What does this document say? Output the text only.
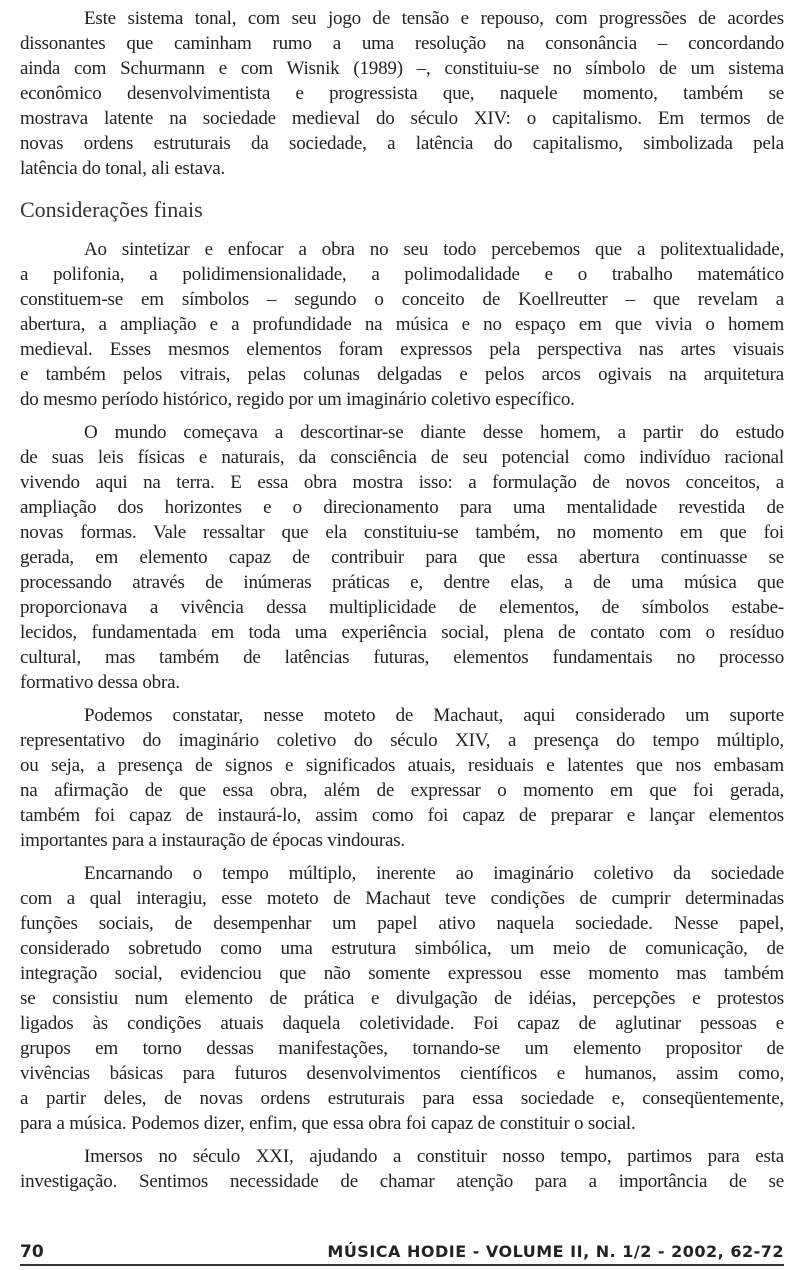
Este sistema tonal, com seu jogo de tensão e repouso, com progressões de acordes
dissonantes que caminham rumo a uma resolução na consonância – concordando
ainda com Schurmann e com Wisnik (1989) –, constituiu-se no símbolo de um sistema
econômico desenvolvimentista e progressista que, naquele momento, também se
mostrava latente na sociedade medieval do século XIV: o capitalismo. Em termos de
novas ordens estruturais da sociedade, a latência do capitalismo, simbolizada pela
latência do tonal, ali estava.
Considerações finais
Ao sintetizar e enfocar a obra no seu todo percebemos que a politextualidade,
a polifonia, a polidimensionalidade, a polimodalidade e o trabalho matemático
constituem-se em símbolos – segundo o conceito de Koellreutter – que revelam a
abertura, a ampliação e a profundidade na música e no espaço em que vivia o homem
medieval. Esses mesmos elementos foram expressos pela perspectiva nas artes visuais
e também pelos vitrais, pelas colunas delgadas e pelos arcos ogivais na arquitetura
do mesmo período histórico, regido por um imaginário coletivo específico.
O mundo começava a descortinar-se diante desse homem, a partir do estudo
de suas leis físicas e naturais, da consciência de seu potencial como indivíduo racional
vivendo aqui na terra. E essa obra mostra isso: a formulação de novos conceitos, a
ampliação dos horizontes e o direcionamento para uma mentalidade revestida de
novas formas. Vale ressaltar que ela constituiu-se também, no momento em que foi
gerada, em elemento capaz de contribuir para que essa abertura continuasse se
processando através de inúmeras práticas e, dentre elas, a de uma música que
proporcionava a vivência dessa multiplicidade de elementos, de símbolos estabe-
lecidos, fundamentada em toda uma experiência social, plena de contato com o resíduo
cultural, mas também de latências futuras, elementos fundamentais no processo
formativo dessa obra.
Podemos constatar, nesse moteto de Machaut, aqui considerado um suporte
representativo do imaginário coletivo do século XIV, a presença do tempo múltiplo,
ou seja, a presença de signos e significados atuais, residuais e latentes que nos embasam
na afirmação de que essa obra, além de expressar o momento em que foi gerada,
também foi capaz de instaurá-lo, assim como foi capaz de preparar e lançar elementos
importantes para a instauração de épocas vindouras.
Encarnando o tempo múltiplo, inerente ao imaginário coletivo da sociedade
com a qual interagiu, esse moteto de Machaut teve condições de cumprir determinadas
funções sociais, de desempenhar um papel ativo naquela sociedade. Nesse papel,
considerado sobretudo como uma estrutura simbólica, um meio de comunicação, de
integração social, evidenciou que não somente expressou esse momento mas também
se consistiu num elemento de prática e divulgação de idéias, percepções e protestos
ligados às condições atuais daquela coletividade. Foi capaz de aglutinar pessoas e
grupos em torno dessas manifestações, tornando-se um elemento propositor de
vivências básicas para futuros desenvolvimentos científicos e humanos, assim como,
a partir deles, de novas ordens estruturais para essa sociedade e, conseqüentemente,
para a música. Podemos dizer, enfim, que essa obra foi capaz de constituir o social.
Imersos no século XXI, ajudando a constituir nosso tempo, partimos para esta
investigação. Sentimos necessidade de chamar atenção para a importância de se
70	MÚSICA HODIE - VOLUME II, N. 1/2 - 2002, 62-72
